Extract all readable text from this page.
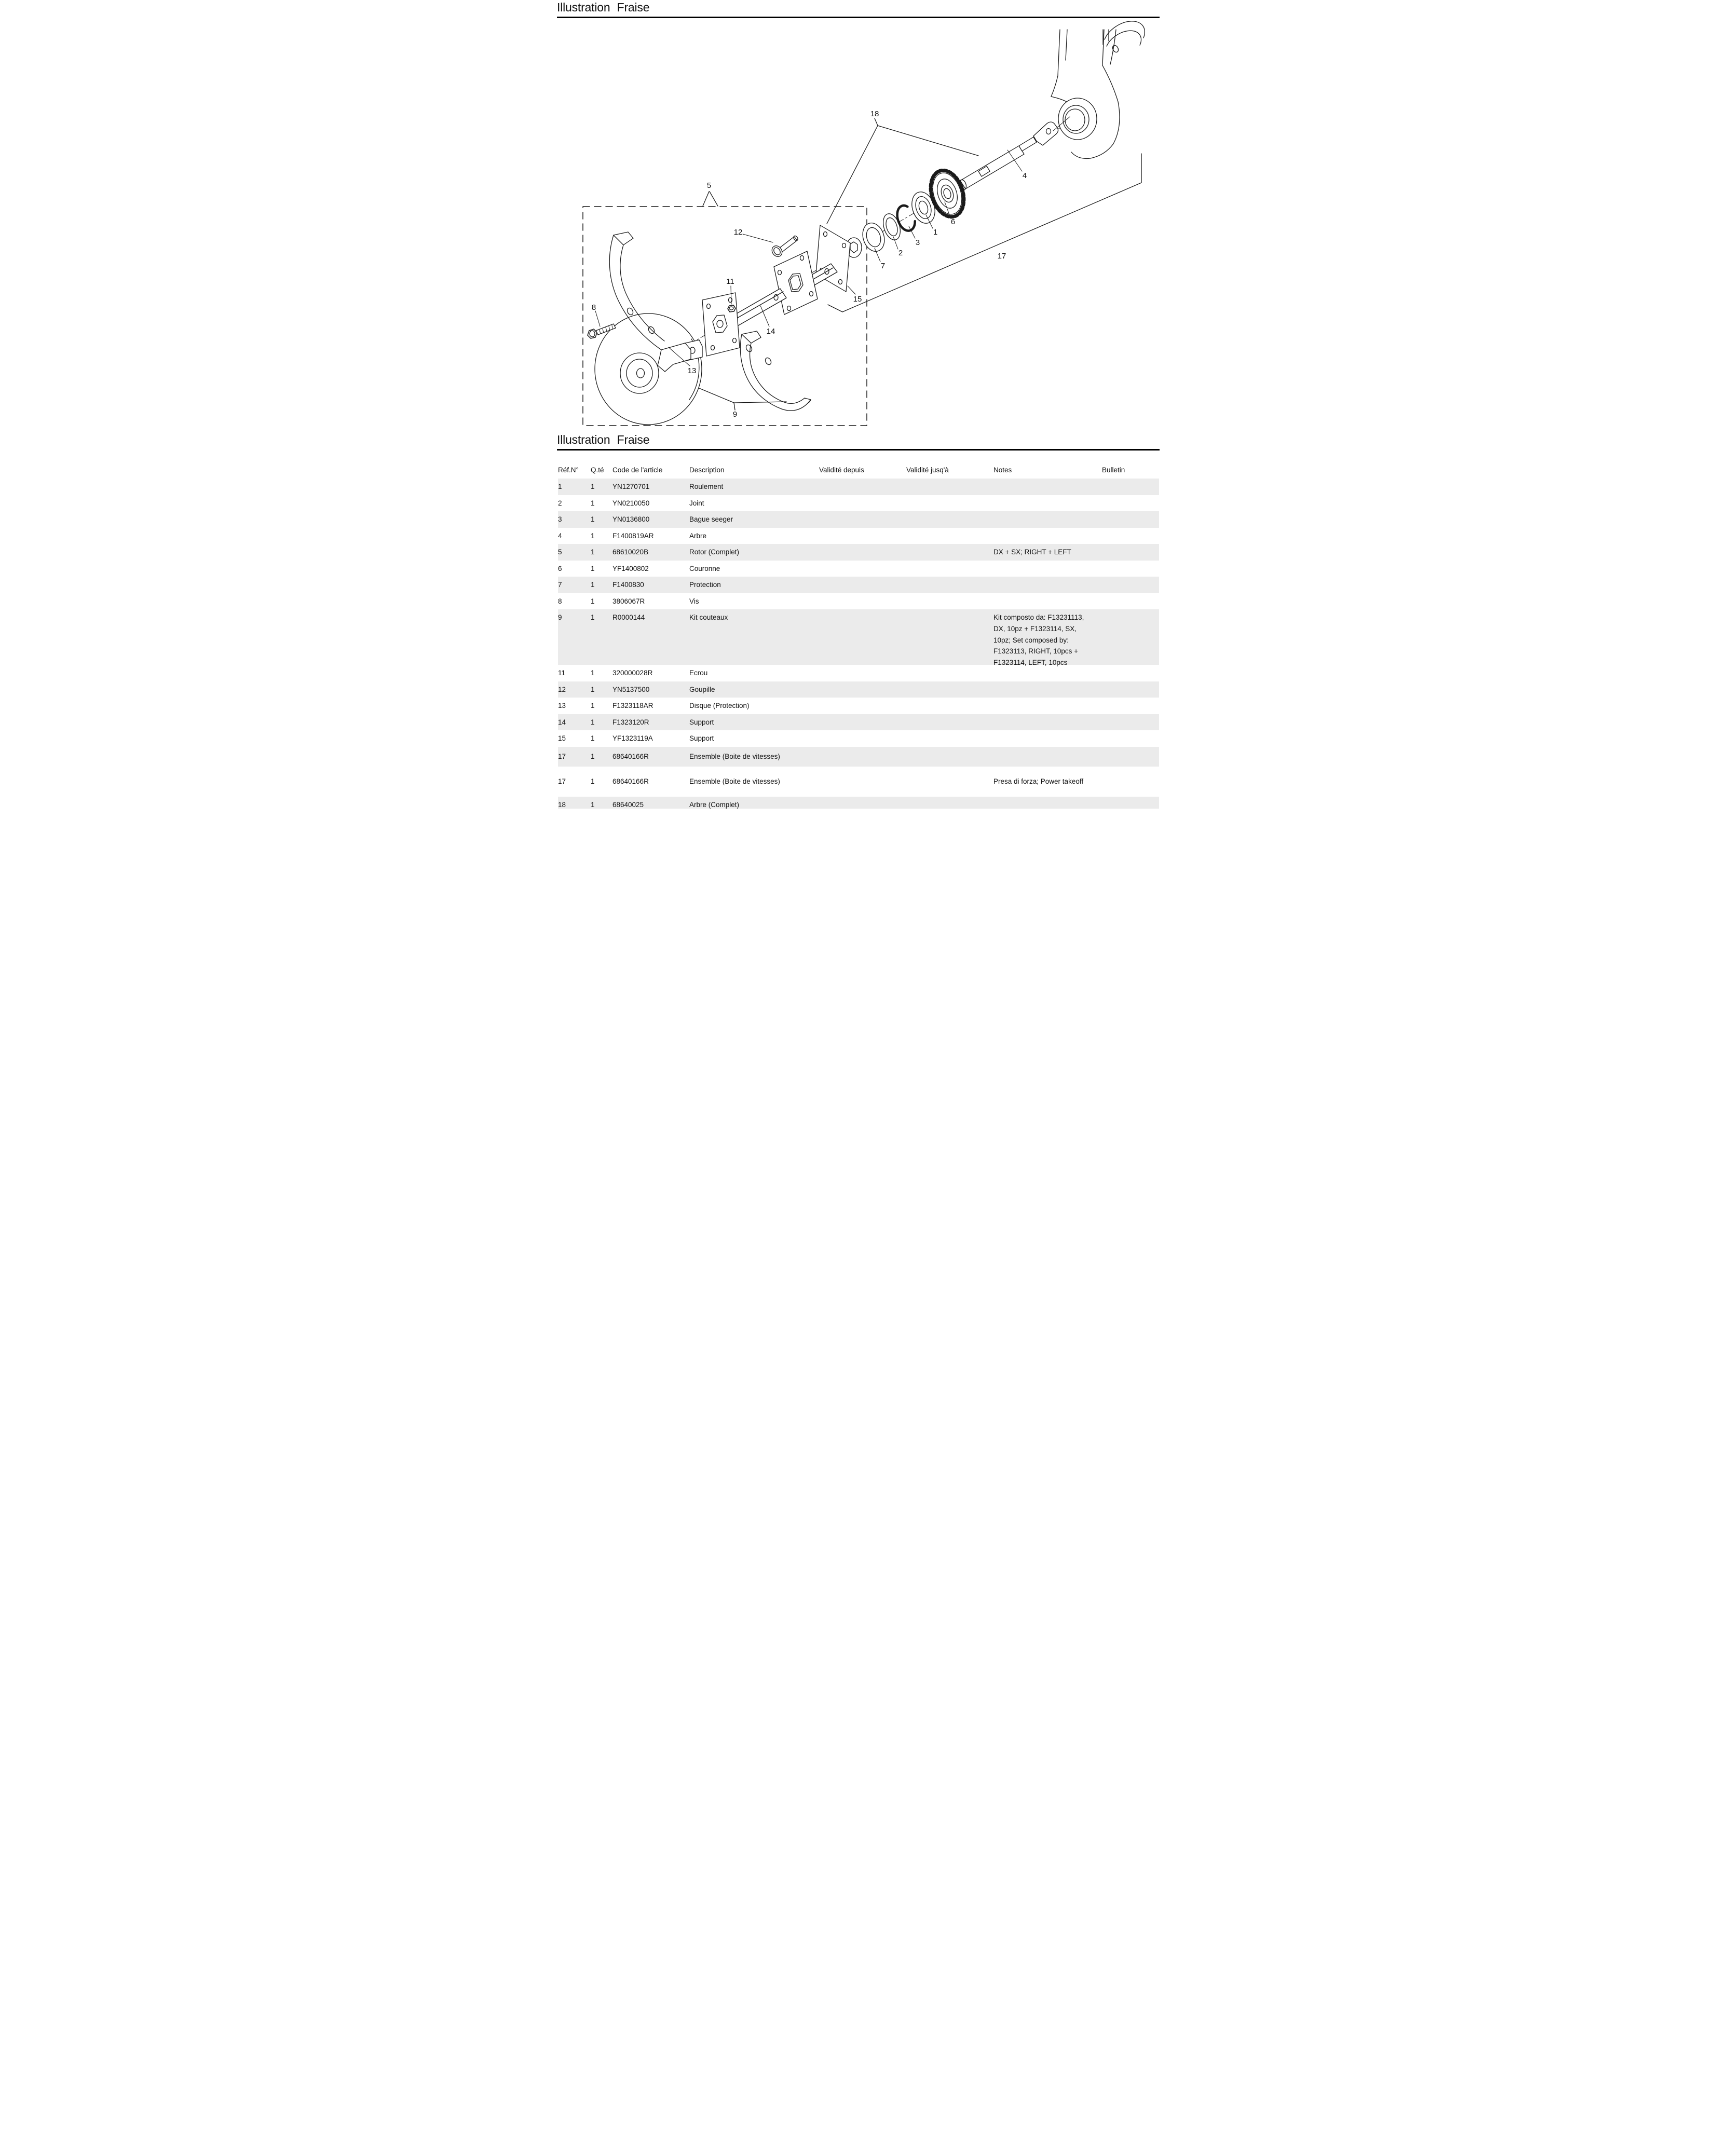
Illustration Fraise
18
5
12
11
8
4
6
1
3
2
7
17
15
14
13
9
Illustration Fraise
Réf.N°	Q.té	Code de l'article	Description	Validité depuis	Validité jusq'à	Notes	Bulletin
1	1	YN1270701	Roulement			

2	1	YN0210050	Joint			

3	1	YN0136800	Bague seeger			

4	1	F1400819AR	Arbre			

5	1	68610020B	Rotor (Complet)			DX + SX; RIGHT + LEFT	

6	1	YF1400802	Couronne			

7	1	F1400830	Protection			

8	1	3806067R	Vis			

9	1	R0000144	Kit couteaux			Kit composto da: F13231113, DX, 10pz + F1323114, SX, 10pz; Set composed by: F1323113, RIGHT, 10pcs + F1323114, LEFT, 10pcs	

11	1	320000028R	Ecrou			

12	1	YN5137500	Goupille			

13	1	F1323118AR	Disque (Protection)			

14	1	F1323120R	Support			

15	1	YF1323119A	Support			

17	1	68640166R	Ensemble (Boite de vitesses)			

17	1	68640166R	Ensemble (Boite de vitesses)			Presa di forza; Power takeoff	

18	1	68640025	Arbre (Complet)			
